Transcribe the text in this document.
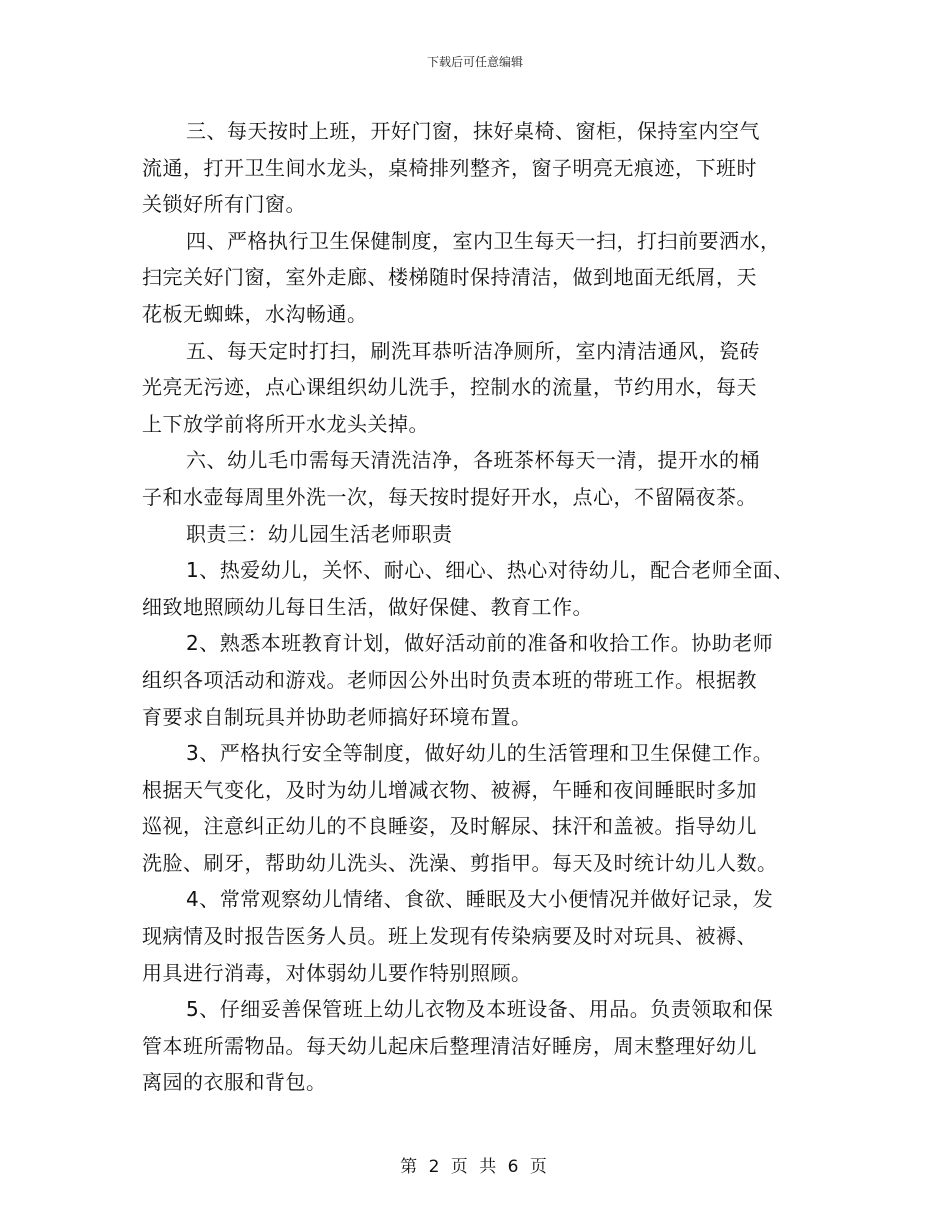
下载后可任意编辑
三、每天按时上班，开好门窗，抹好桌椅、窗柜，保持室内空气
流通，打开卫生间水龙头，桌椅排列整齐，窗子明亮无痕迹，下班时
关锁好所有门窗。
四、严格执行卫生保健制度，室内卫生每天一扫，打扫前要洒水，
扫完关好门窗，室外走廊、楼梯随时保持清洁，做到地面无纸屑，天
花板无蜘蛛，水沟畅通。
五、每天定时打扫，刷洗耳恭听洁净厕所，室内清洁通风，瓷砖
光亮无污迹，点心课组织幼儿洗手，控制水的流量，节约用水，每天
上下放学前将所开水龙头关掉。
六、幼儿毛巾需每天清洗洁净，各班茶杯每天一清，提开水的桶
子和水壶每周里外洗一次，每天按时提好开水，点心，不留隔夜茶。
职责三：幼儿园生活老师职责
1、热爱幼儿，关怀、耐心、细心、热心对待幼儿，配合老师全面、
细致地照顾幼儿每日生活，做好保健、教育工作。
2、熟悉本班教育计划，做好活动前的准备和收拾工作。协助老师
组织各项活动和游戏。老师因公外出时负责本班的带班工作。根据教
育要求自制玩具并协助老师搞好环境布置。
3、严格执行安全等制度，做好幼儿的生活管理和卫生保健工作。
根据天气变化，及时为幼儿增减衣物、被褥，午睡和夜间睡眠时多加
巡视，注意纠正幼儿的不良睡姿，及时解尿、抹汗和盖被。指导幼儿
洗脸、刷牙，帮助幼儿洗头、洗澡、剪指甲。每天及时统计幼儿人数。
4、常常观察幼儿情绪、食欲、睡眠及大小便情况并做好记录，发
现病情及时报告医务人员。班上发现有传染病要及时对玩具、被褥、
用具进行消毒，对体弱幼儿要作特别照顾。
5、仔细妥善保管班上幼儿衣物及本班设备、用品。负责领取和保
管本班所需物品。每天幼儿起床后整理清洁好睡房，周末整理好幼儿
离园的衣服和背包。
第 2 页 共 6 页
